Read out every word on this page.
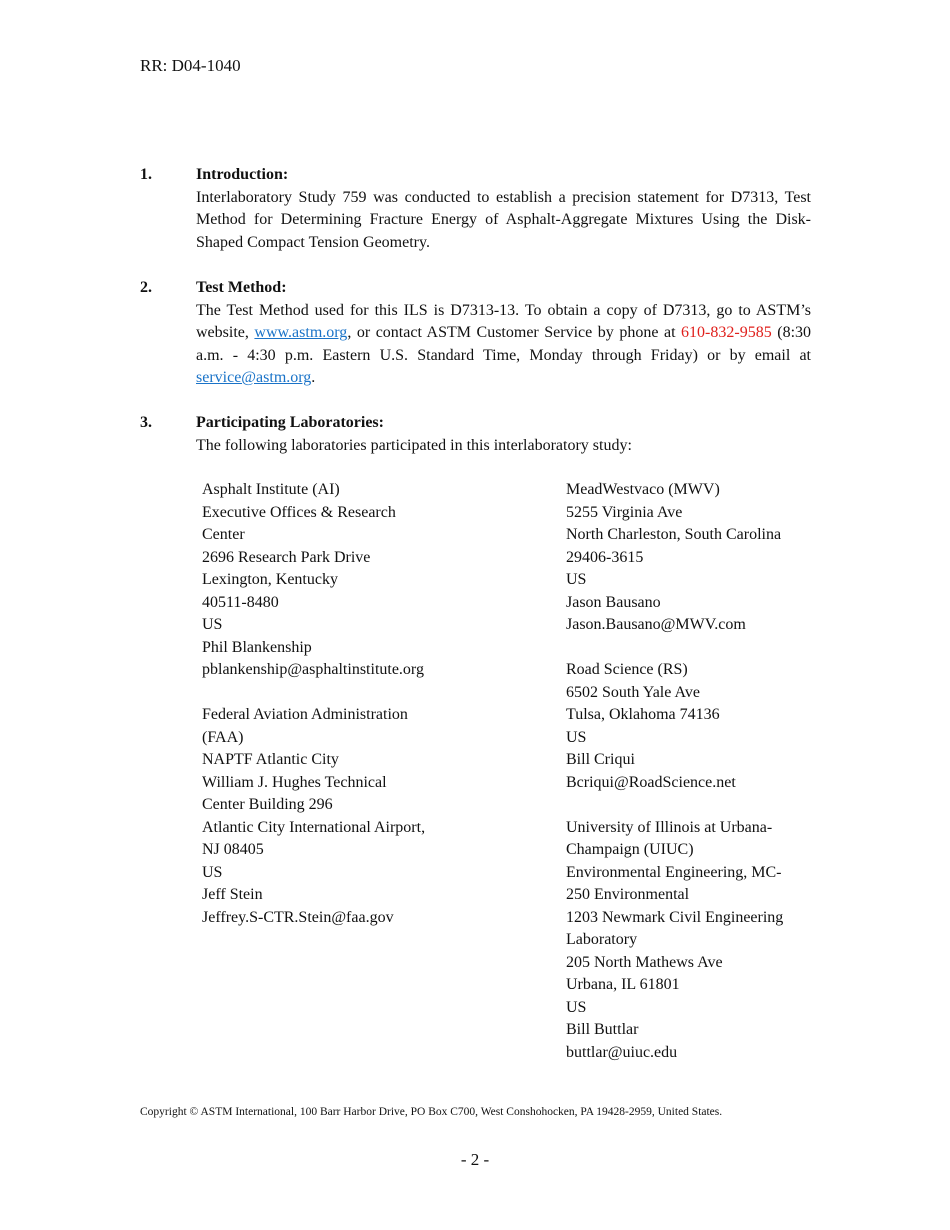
RR: D04-1040
1.	Introduction:
Interlaboratory Study 759 was conducted to establish a precision statement for D7313, Test Method for Determining Fracture Energy of Asphalt-Aggregate Mixtures Using the Disk-Shaped Compact Tension Geometry.
2.	Test Method:
The Test Method used for this ILS is D7313-13. To obtain a copy of D7313, go to ASTM’s website, www.astm.org, or contact ASTM Customer Service by phone at 610-832-9585 (8:30 a.m. - 4:30 p.m. Eastern U.S. Standard Time, Monday through Friday) or by email at service@astm.org.
3.	Participating Laboratories:
The following laboratories participated in this interlaboratory study:
Asphalt Institute (AI)
Executive Offices & Research
Center
2696 Research Park Drive
Lexington, Kentucky
40511-8480
US
Phil Blankenship
pblankenship@asphaltinstitute.org
Federal Aviation Administration
(FAA)
NAPTF Atlantic City
William J. Hughes Technical
Center Building 296
Atlantic City International Airport,
NJ 08405
US
Jeff Stein
Jeffrey.S-CTR.Stein@faa.gov
MeadWestvaco (MWV)
5255 Virginia Ave
North Charleston, South Carolina
29406-3615
US
Jason Bausano
Jason.Bausano@MWV.com
Road Science (RS)
6502 South Yale Ave
Tulsa, Oklahoma 74136
US
Bill Criqui
Bcriqui@RoadScience.net
University of Illinois at Urbana-
Champaign (UIUC)
Environmental Engineering, MC-
250 Environmental
1203 Newmark Civil Engineering
Laboratory
205 North Mathews Ave
Urbana, IL 61801
US
Bill Buttlar
buttlar@uiuc.edu
Copyright © ASTM International, 100 Barr Harbor Drive, PO Box C700, West Conshohocken, PA 19428-2959, United States.
- 2 -
